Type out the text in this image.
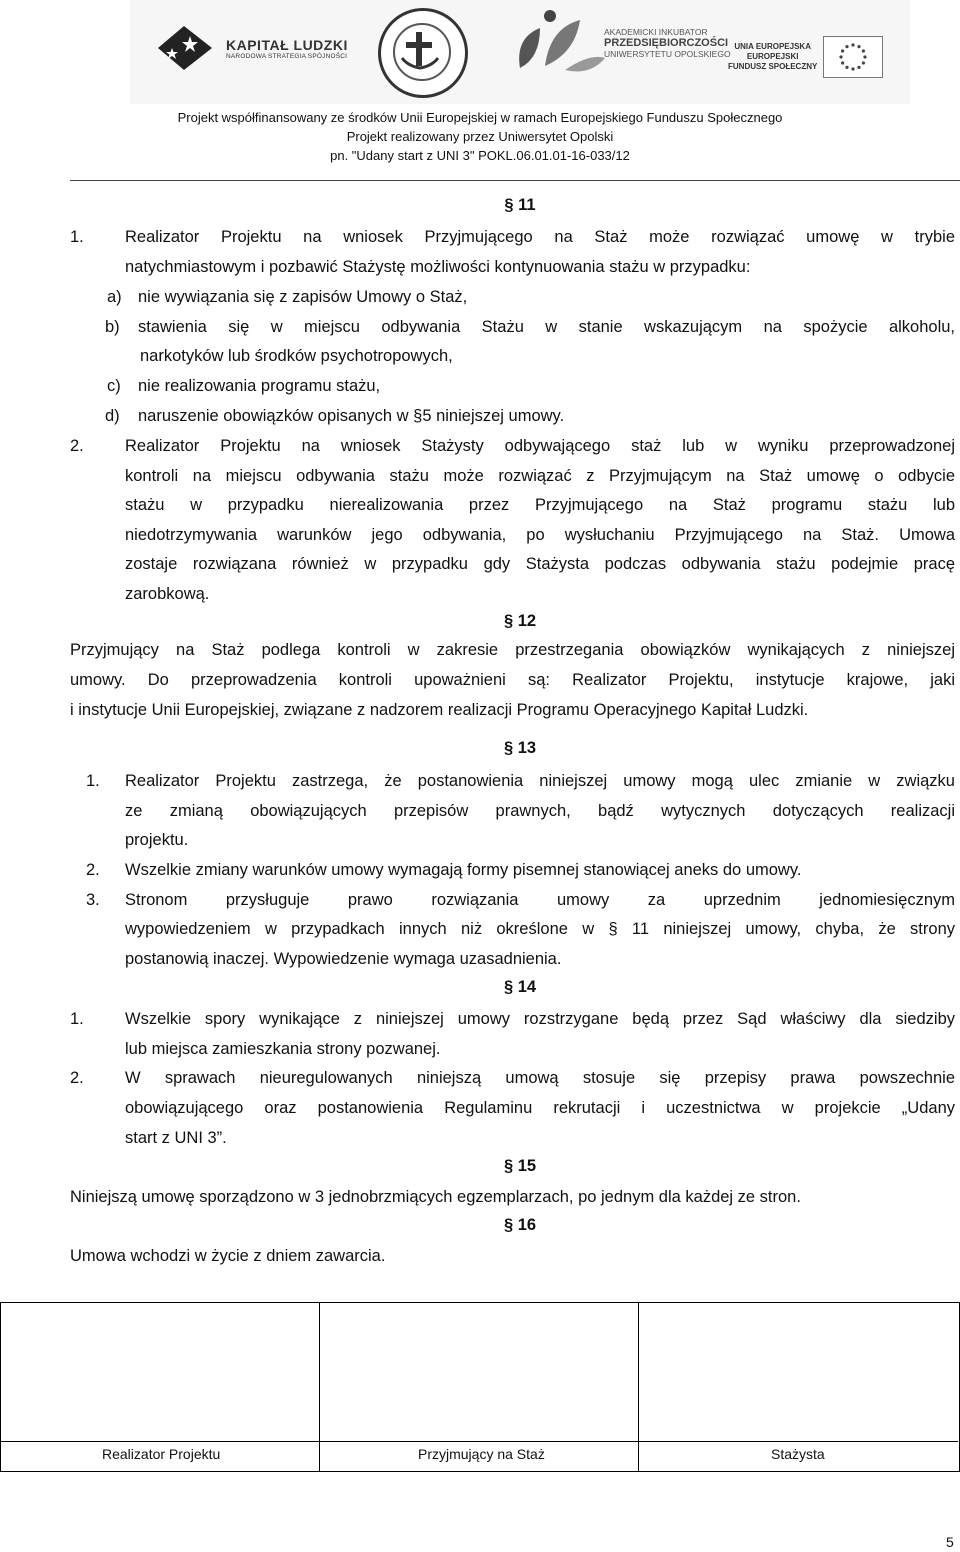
KAPITAŁ LUDZKI
NARODOWA STRATEGIA SPÓJNOŚCI
AKADEMICKI INKUBATOR
PRZEDSIĘBIORCZOŚCI
UNIWERSYTETU OPOLSKIEGO
UNIA EUROPEJSKA
EUROPEJSKI
FUNDUSZ SPOŁECZNY
Projekt współfinansowany ze środków Unii Europejskiej w ramach Europejskiego Funduszu Społecznego
Projekt realizowany przez Uniwersytet Opolski
pn. "Udany start z UNI 3" POKL.06.01.01-16-033/12
§ 11
1. Realizator Projektu na wniosek Przyjmującego na Staż może rozwiązać umowę w trybie
natychmiastowym i pozbawić Stażystę możliwości kontynuowania stażu w przypadku:
a) nie wywiązania się z zapisów Umowy o Staż,
b) stawienia się w miejscu odbywania Stażu w stanie wskazującym na spożycie alkoholu,
narkotyków lub środków psychotropowych,
c) nie realizowania programu stażu,
d) naruszenie obowiązków opisanych w §5 niniejszej umowy.
2. Realizator Projektu na wniosek Stażysty odbywającego staż lub w wyniku przeprowadzonej
kontroli na miejscu odbywania stażu może rozwiązać z Przyjmującym na Staż umowę o odbycie
stażu w przypadku nierealizowania przez Przyjmującego na Staż programu stażu lub
niedotrzymywania warunków jego odbywania, po wysłuchaniu Przyjmującego na Staż. Umowa
zostaje rozwiązana również w przypadku gdy Stażysta podczas odbywania stażu podejmie pracę
zarobkową.
§ 12
Przyjmujący na Staż podlega kontroli w zakresie przestrzegania obowiązków wynikających z niniejszej
umowy. Do przeprowadzenia kontroli upoważnieni są: Realizator Projektu, instytucje krajowe, jaki
i instytucje Unii Europejskiej, związane z nadzorem realizacji Programu Operacyjnego Kapitał Ludzki.
§ 13
1. Realizator Projektu zastrzega, że postanowienia niniejszej umowy mogą ulec zmianie w związku
ze zmianą obowiązujących przepisów prawnych, bądź wytycznych dotyczących realizacji
projektu.
2. Wszelkie zmiany warunków umowy wymagają formy pisemnej stanowiącej aneks do umowy.
3. Stronom przysługuje prawo rozwiązania umowy za uprzednim jednomiesięcznym
wypowiedzeniem w przypadkach innych niż określone w § 11 niniejszej umowy, chyba, że strony
postanowią inaczej. Wypowiedzenie wymaga uzasadnienia.
§ 14
1. Wszelkie spory wynikające z niniejszej umowy rozstrzygane będą przez Sąd właściwy dla siedziby
lub miejsca zamieszkania strony pozwanej.
2. W sprawach nieuregulowanych niniejszą umową stosuje się przepisy prawa powszechnie
obowiązującego oraz postanowienia Regulaminu rekrutacji i uczestnictwa w projekcie „Udany
start z UNI 3”.
§ 15
Niniejszą umowę sporządzono w 3 jednobrzmiących egzemplarzach, po jednym dla każdej ze stron.
§ 16
Umowa wchodzi w życie z dniem zawarcia.
Realizator Projektu	Przyjmujący na Staż	Stażysta
5
